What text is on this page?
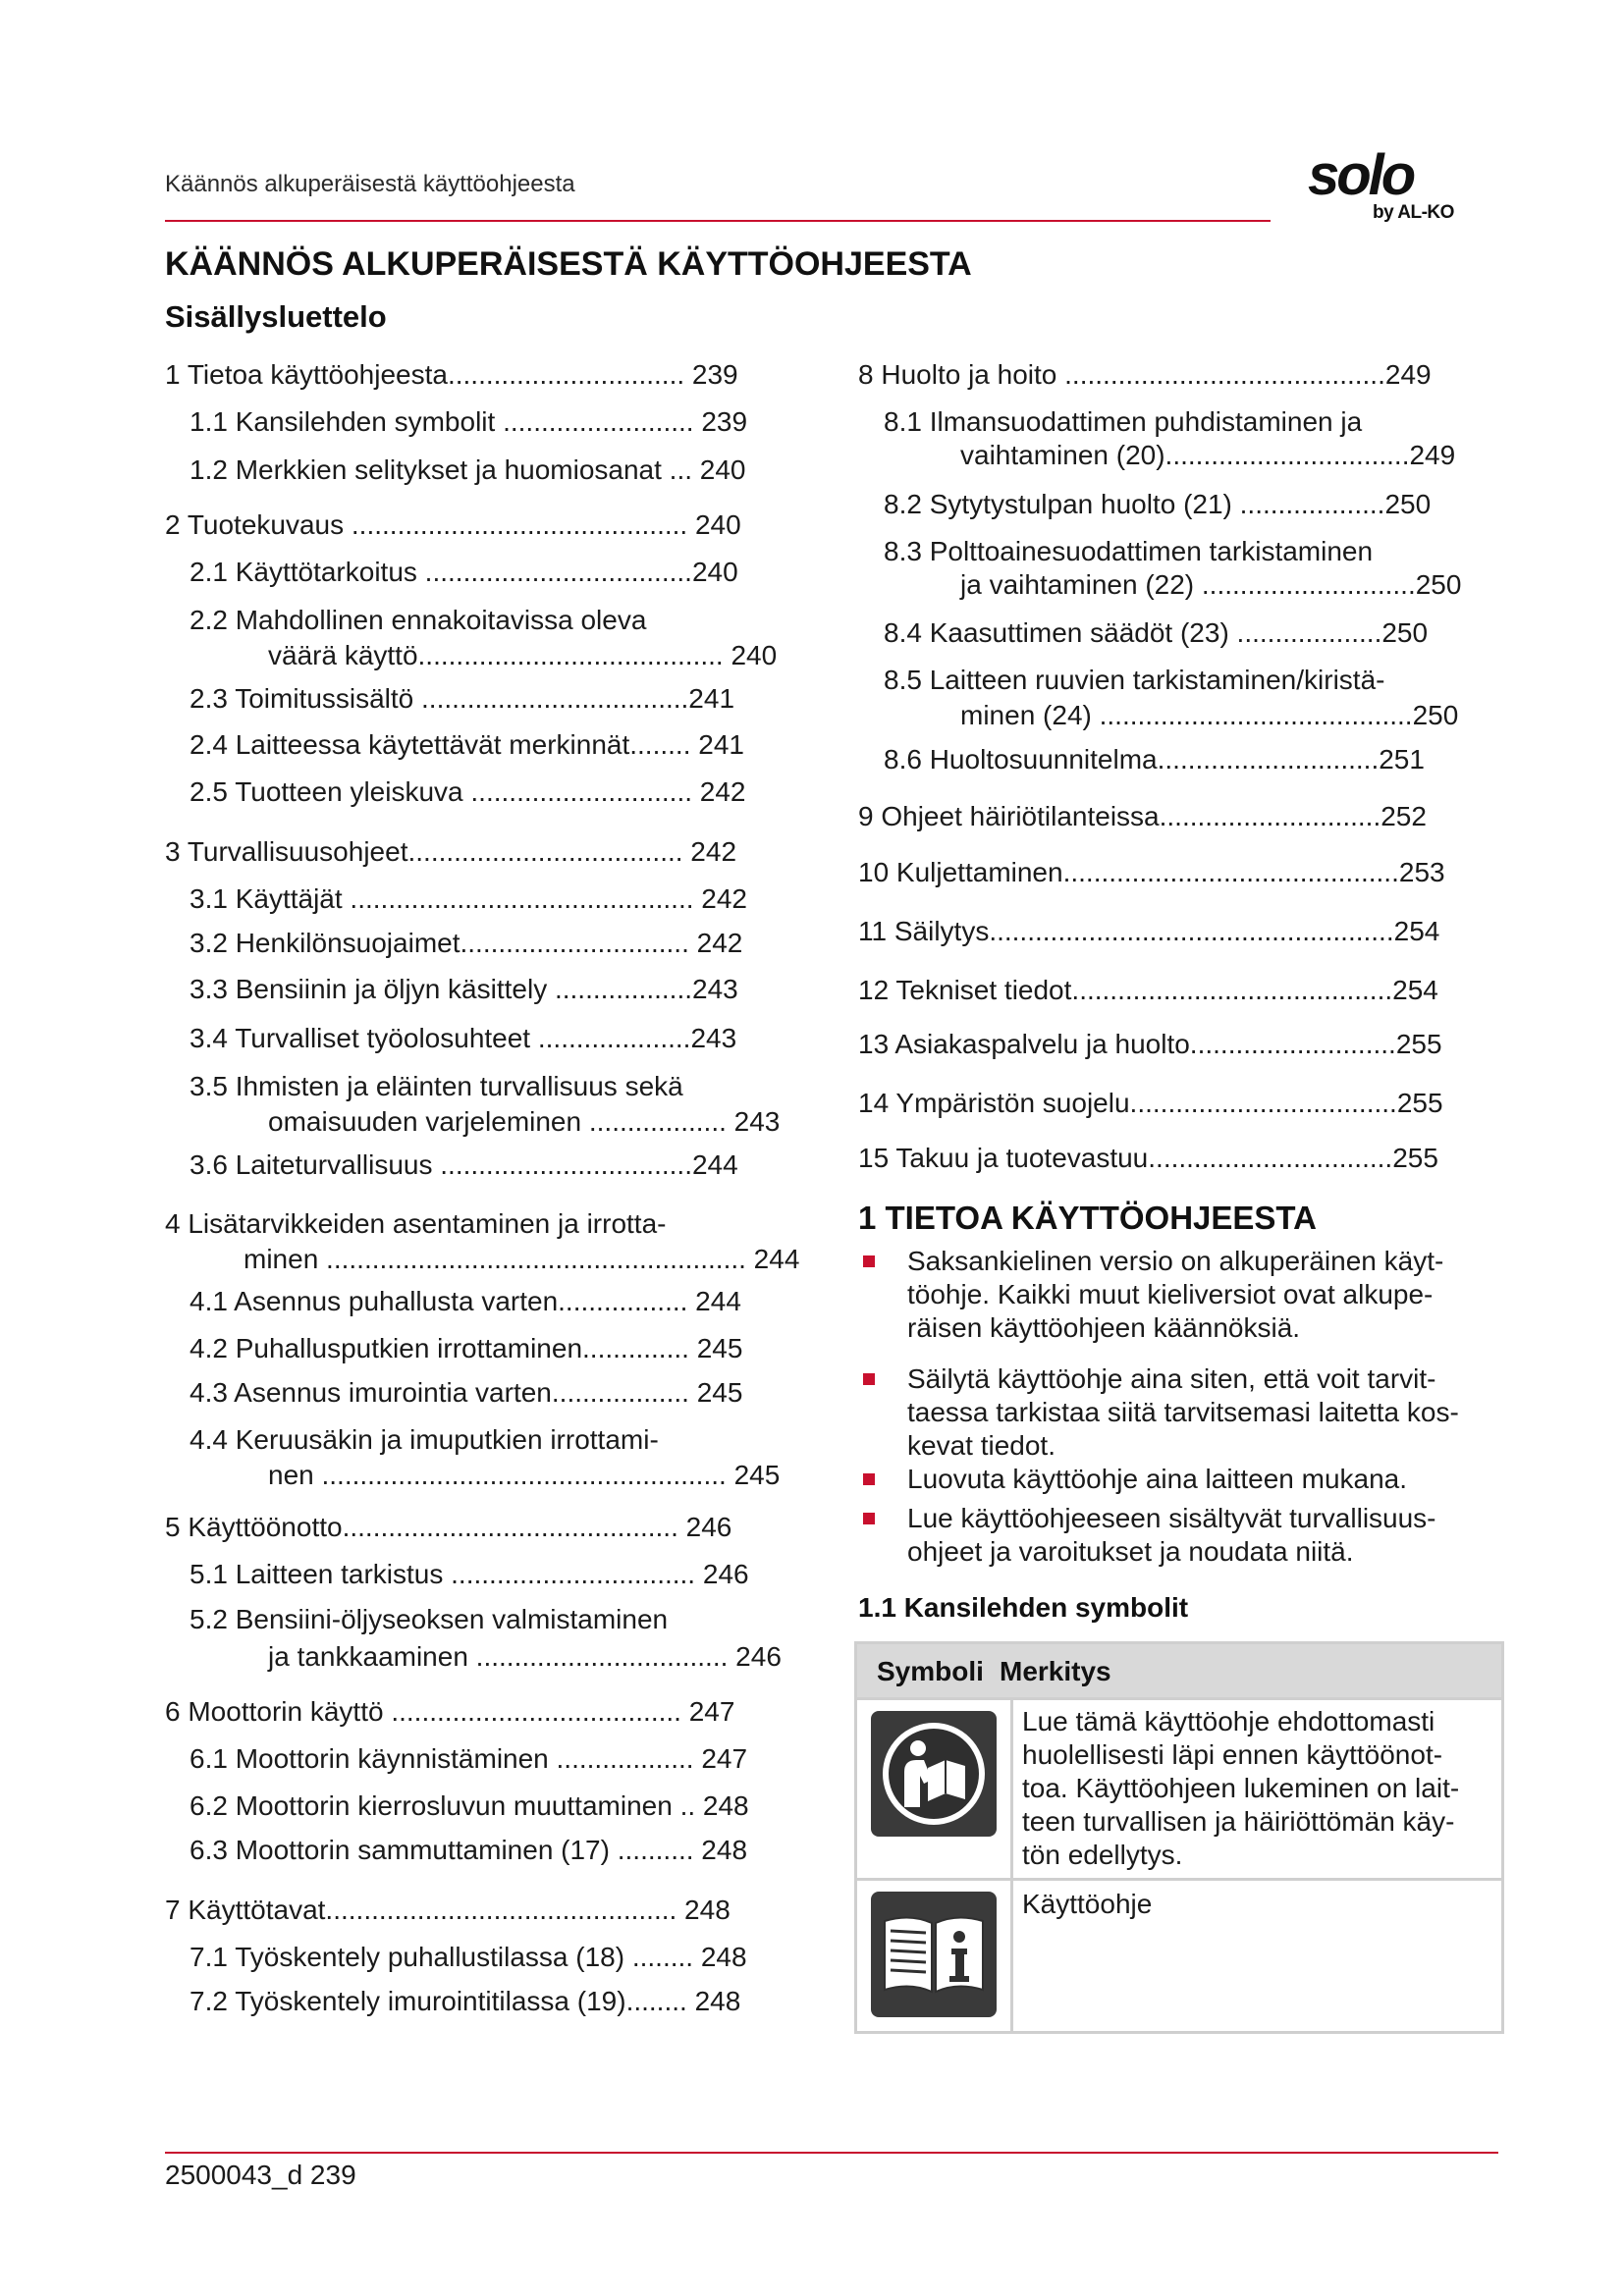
Käännös alkuperäisestä käyttöohjeesta	solo
by AL-KO
KÄÄNNÖS ALKUPERÄISESTÄ KÄYTTÖOHJEESTA
Sisällysluettelo
1 Tietoa käyttöohjeesta............................... 239
1.1 Kansilehden symbolit ......................... 239
1.2 Merkkien selitykset ja huomiosanat ... 240
2 Tuotekuvaus ............................................ 240
2.1 Käyttötarkoitus ...................................240
2.2 Mahdollinen ennakoitavissa oleva
väärä käyttö........................................ 240
2.3 Toimitussisältö ...................................241
2.4 Laitteessa käytettävät merkinnät........ 241
2.5 Tuotteen yleiskuva ............................. 242
3 Turvallisuusohjeet.................................... 242
3.1 Käyttäjät ............................................. 242
3.2 Henkilönsuojaimet.............................. 242
3.3 Bensiinin ja öljyn käsittely ..................243
3.4 Turvalliset työolosuhteet ....................243
3.5 Ihmisten ja eläinten turvallisuus sekä
omaisuuden varjeleminen .................. 243
3.6 Laiteturvallisuus .................................244
4 Lisätarvikkeiden asentaminen ja irrotta-
minen ....................................................... 244
4.1 Asennus puhallusta varten................. 244
4.2 Puhallusputkien irrottaminen.............. 245
4.3 Asennus imurointia varten.................. 245
4.4 Keruusäkin ja imuputkien irrottami-
nen ..................................................... 245
5 Käyttöönotto............................................ 246
5.1 Laitteen tarkistus ................................ 246
5.2 Bensiini-öljyseoksen valmistaminen
ja tankkaaminen ................................. 246
6 Moottorin käyttö ...................................... 247
6.1 Moottorin käynnistäminen .................. 247
6.2 Moottorin kierrosluvun muuttaminen .. 248
6.3 Moottorin sammuttaminen (17) .......... 248
7 Käyttötavat.............................................. 248
7.1 Työskentely puhallustilassa (18) ........ 248
7.2 Työskentely imurointitilassa (19)........ 248
8 Huolto ja hoito ..........................................249
8.1 Ilmansuodattimen puhdistaminen ja
vaihtaminen (20)................................249
8.2 Sytytystulpan huolto (21) ...................250
8.3 Polttoainesuodattimen tarkistaminen
ja vaihtaminen (22) ............................250
8.4 Kaasuttimen säädöt (23) ...................250
8.5 Laitteen ruuvien tarkistaminen/kiristä-
minen (24) .........................................250
8.6 Huoltosuunnitelma.............................251
9 Ohjeet häiriötilanteissa.............................252
10 Kuljettaminen............................................253
11 Säilytys.....................................................254
12 Tekniset tiedot..........................................254
13 Asiakaspalvelu ja huolto...........................255
14 Ympäristön suojelu...................................255
15 Takuu ja tuotevastuu................................255
1 TIETOA KÄYTTÖOHJEESTA
Saksankielinen versio on alkuperäinen käyt-
töohje. Kaikki muut kieliversiot ovat alkupe-
räisen käyttöohjeen käännöksiä.
Säilytä käyttöohje aina siten, että voit tarvit-
taessa tarkistaa siitä tarvitsemasi laitetta kos-
kevat tiedot.
Luovuta käyttöohje aina laitteen mukana.
Lue käyttöohjeeseen sisältyvät turvallisuus-
ohjeet ja varoitukset ja noudata niitä.
1.1 Kansilehden symbolit
Symboli Merkitys
Lue tämä käyttöohje ehdottomasti
huolellisesti läpi ennen käyttöönot-
toa. Käyttöohjeen lukeminen on lait-
teen turvallisen ja häiriöttömän käy-
tön edellytys.
Käyttöohje
2500043_d 239
